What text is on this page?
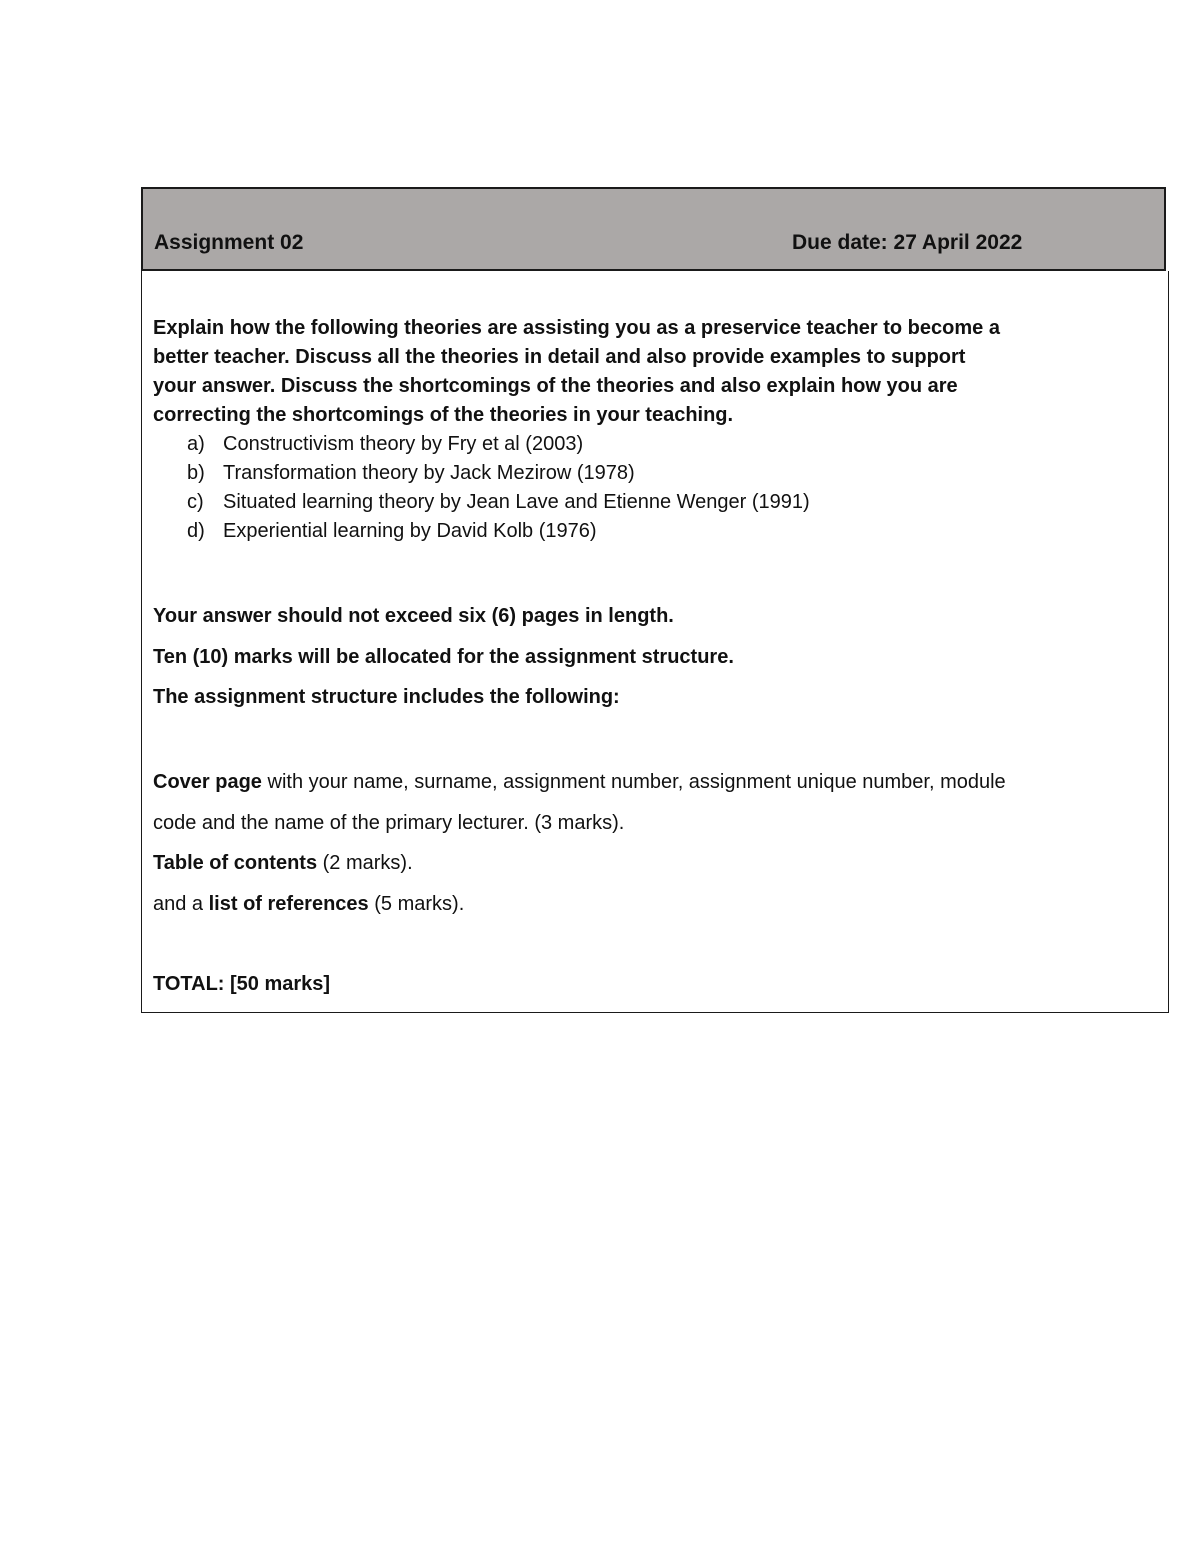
Assignment 02	Due date: 27 April 2022
Explain how the following theories are assisting you as a preservice teacher to become a
better teacher. Discuss all the theories in detail and also provide examples to support
your answer. Discuss the shortcomings of the theories and also explain how you are
correcting the shortcomings of the theories in your teaching.
a) Constructivism theory by Fry et al (2003)
b) Transformation theory by Jack Mezirow (1978)
c) Situated learning theory by Jean Lave and Etienne Wenger (1991)
d) Experiential learning by David Kolb (1976)
Your answer should not exceed six (6) pages in length.
Ten (10) marks will be allocated for the assignment structure.
The assignment structure includes the following:
Cover page with your name, surname, assignment number, assignment unique number, module
code and the name of the primary lecturer. (3 marks).
Table of contents (2 marks).
and a list of references (5 marks).
TOTAL: [50 marks]
